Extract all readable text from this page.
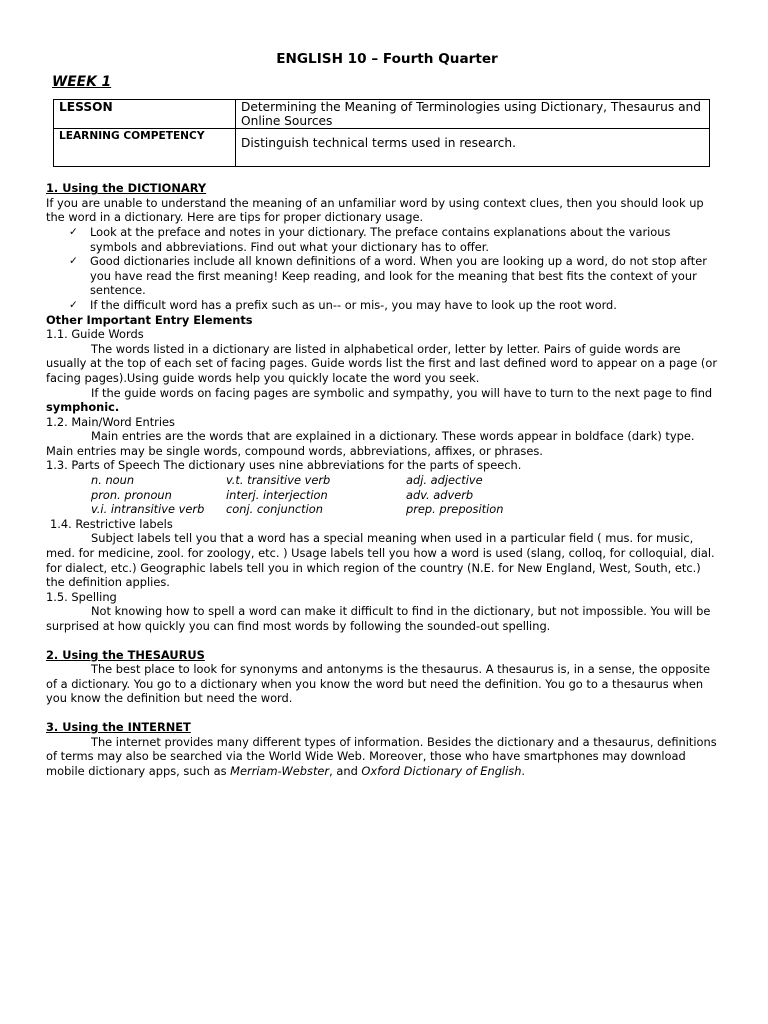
ENGLISH 10 – Fourth Quarter
WEEK 1
LESSON	Determining the Meaning of Terminologies using Dictionary, Thesaurus and Online Sources
LEARNING COMPETENCY	Distinguish technical terms used in research.

1. Using the DICTIONARY

If you are unable to understand the meaning of an unfamiliar word by using context clues, then you should look up the word in a dictionary. Here are tips for proper dictionary usage.

✓ Look at the preface and notes in your dictionary. The preface contains explanations about the various symbols and abbreviations. Find out what your dictionary has to offer.
✓ Good dictionaries include all known definitions of a word. When you are looking up a word, do not stop after you have read the first meaning! Keep reading, and look for the meaning that best fits the context of your sentence.
✓ If the difficult word has a prefix such as un-- or mis-, you may have to look up the root word.

Other Important Entry Elements

1.1. Guide Words

The words listed in a dictionary are listed in alphabetical order, letter by letter. Pairs of guide words are usually at the top of each set of facing pages. Guide words list the first and last defined word to appear on a page (or facing pages).Using guide words help you quickly locate the word you seek.

If the guide words on facing pages are symbolic and sympathy, you will have to turn to the next page to find symphonic.

1.2. Main/Word Entries

Main entries are the words that are explained in a dictionary. These words appear in boldface (dark) type. Main entries may be single words, compound words, abbreviations, affixes, or phrases.

1.3. Parts of Speech The dictionary uses nine abbreviations for the parts of speech.

n. noun	v.t. transitive verb	adj. adjective
pron. pronoun	interj. interjection	adv. adverb
v.i. intransitive verb	conj. conjunction	prep. preposition

1.4. Restrictive labels

Subject labels tell you that a word has a special meaning when used in a particular field ( mus. for music, med. for medicine, zool. for zoology, etc. ) Usage labels tell you how a word is used (slang, colloq, for colloquial, dial. for dialect, etc.) Geographic labels tell you in which region of the country (N.E. for New England, West, South, etc.) the definition applies.

1.5. Spelling

Not knowing how to spell a word can make it difficult to find in the dictionary, but not impossible. You will be surprised at how quickly you can find most words by following the sounded-out spelling.

2. Using the THESAURUS

The best place to look for synonyms and antonyms is the thesaurus. A thesaurus is, in a sense, the opposite of a dictionary. You go to a dictionary when you know the word but need the definition. You go to a thesaurus when you know the definition but need the word.

3. Using the INTERNET

The internet provides many different types of information. Besides the dictionary and a thesaurus, definitions of terms may also be searched via the World Wide Web. Moreover, those who have smartphones may download mobile dictionary apps, such as Merriam-Webster, and Oxford Dictionary of English.
